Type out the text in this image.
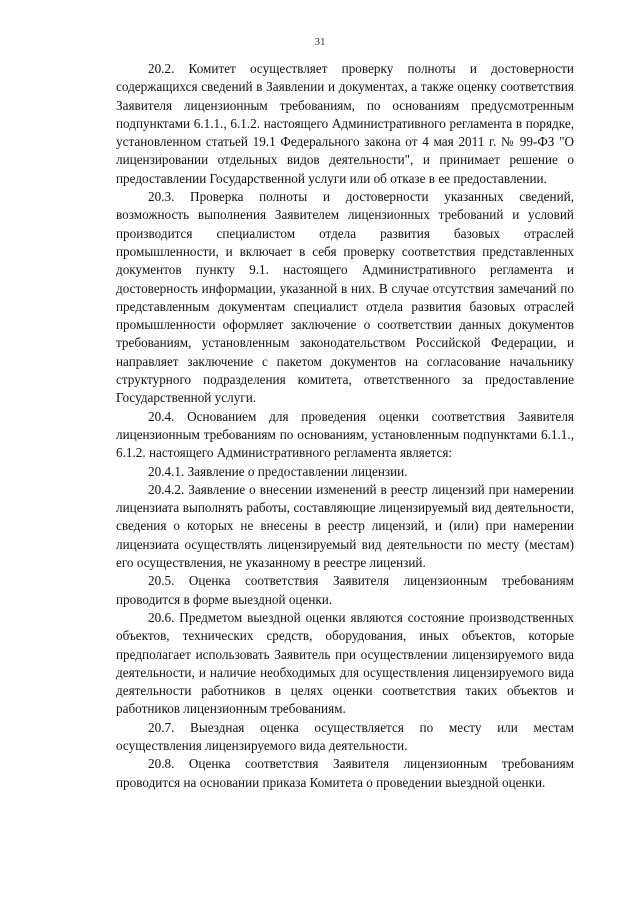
31

20.2. Комитет осуществляет проверку полноты и достоверности содержащихся сведений в Заявлении и документах, а также оценку соответствия Заявителя лицензионным требованиям, по основаниям предусмотренным подпунктами 6.1.1., 6.1.2. настоящего Административного регламента в порядке, установленном статьей 19.1 Федерального закона от 4 мая 2011 г. № 99-ФЗ "О лицензировании отдельных видов деятельности", и принимает решение о предоставлении Государственной услуги или об отказе в ее предоставлении.

20.3. Проверка полноты и достоверности указанных сведений, возможность выполнения Заявителем лицензионных требований и условий производится специалистом отдела развития базовых отраслей промышленности, и включает в себя проверку соответствия представленных документов пункту 9.1. настоящего Административного регламента и достоверность информации, указанной в них. В случае отсутствия замечаний по представленным документам специалист отдела развития базовых отраслей промышленности оформляет заключение о соответствии данных документов требованиям, установленным законодательством Российской Федерации, и направляет заключение с пакетом документов на согласование начальнику структурного подразделения комитета, ответственного за предоставление Государственной услуги.

20.4. Основанием для проведения оценки соответствия Заявителя лицензионным требованиям по основаниям, установленным подпунктами 6.1.1., 6.1.2. настоящего Административного регламента является:

20.4.1. Заявление о предоставлении лицензии.

20.4.2. Заявление о внесении изменений в реестр лицензий при намерении лицензиата выполнять работы, составляющие лицензируемый вид деятельности, сведения о которых не внесены в реестр лицензий, и (или) при намерении лицензиата осуществлять лицензируемый вид деятельности по месту (местам) его осуществления, не указанному в реестре лицензий.

20.5. Оценка соответствия Заявителя лицензионным требованиям проводится в форме выездной оценки.

20.6. Предметом выездной оценки являются состояние производственных объектов, технических средств, оборудования, иных объектов, которые предполагает использовать Заявитель при осуществлении лицензируемого вида деятельности, и наличие необходимых для осуществления лицензируемого вида деятельности работников в целях оценки соответствия таких объектов и работников лицензионным требованиям.

20.7. Выездная оценка осуществляется по месту или местам осуществления лицензируемого вида деятельности.

20.8. Оценка соответствия Заявителя лицензионным требованиям проводится на основании приказа Комитета о проведении выездной оценки.
